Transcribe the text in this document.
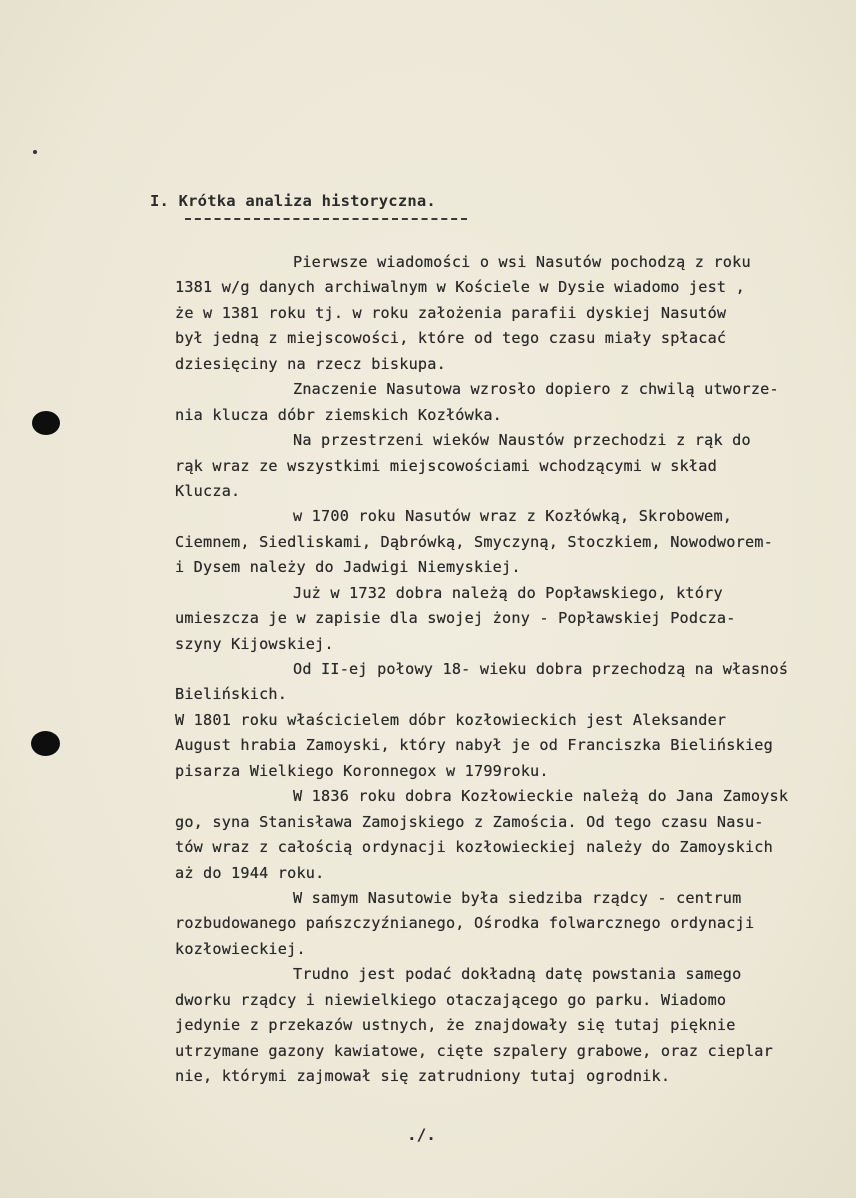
I. Krótka analiza historyczna.
Pierwsze wiadomości o wsi Nasutów pochodzą z roku
1381 w/g danych archiwalnym w Kościele w Dysie wiadomo jest ,
że w 1381 roku tj. w roku założenia parafii dyskiej Nasutów
był jedną z miejscowości, które od tego czasu miały spłacać
dziesięciny na rzecz biskupa.
Znaczenie Nasutowa wzrosło dopiero z chwilą utworze-
nia klucza dóbr ziemskich Kozłówka.
Na przestrzeni wieków Naustów przechodzi z rąk do
rąk wraz ze wszystkimi miejscowościami wchodzącymi w skład
Klucza.
w 1700 roku Nasutów wraz z Kozłówką, Skrobowem,
Ciemnem, Siedliskami, Dąbrówką, Smyczyną, Stoczkiem, Nowodworem-
i Dysem należy do Jadwigi Niemyskiej.
Już w 1732 dobra należą do Popławskiego, który
umieszcza je w zapisie dla swojej żony - Popławskiej Podcza-
szyny Kijowskiej.
Od II-ej połowy 18- wieku dobra przechodzą na własnoś
Bielińskich.
W 1801 roku właścicielem dóbr kozłowieckich jest Aleksander
August hrabia Zamoyski, który nabył je od Franciszka Bielińskieg
pisarza Wielkiego Koronnegox w 1799roku.
W 1836 roku dobra Kozłowieckie należą do Jana Zamoysk
go, syna Stanisława Zamojskiego z Zamościa. Od tego czasu Nasu-
tów wraz z całością ordynacji kozłowieckiej należy do Zamoyskich
aż do 1944 roku.
W samym Nasutowie była siedziba rządcy - centrum
rozbudowanego pańszczyźnianego, Ośrodka folwarcznego ordynacji
kozłowieckiej.
Trudno jest podać dokładną datę powstania samego
dworku rządcy i niewielkiego otaczającego go parku. Wiadomo
jedynie z przekazów ustnych, że znajdowały się tutaj pięknie
utrzymane gazony kawiatowe, cięte szpalery grabowe, oraz cieplar
nie, którymi zajmował się zatrudniony tutaj ogrodnik.
./.
